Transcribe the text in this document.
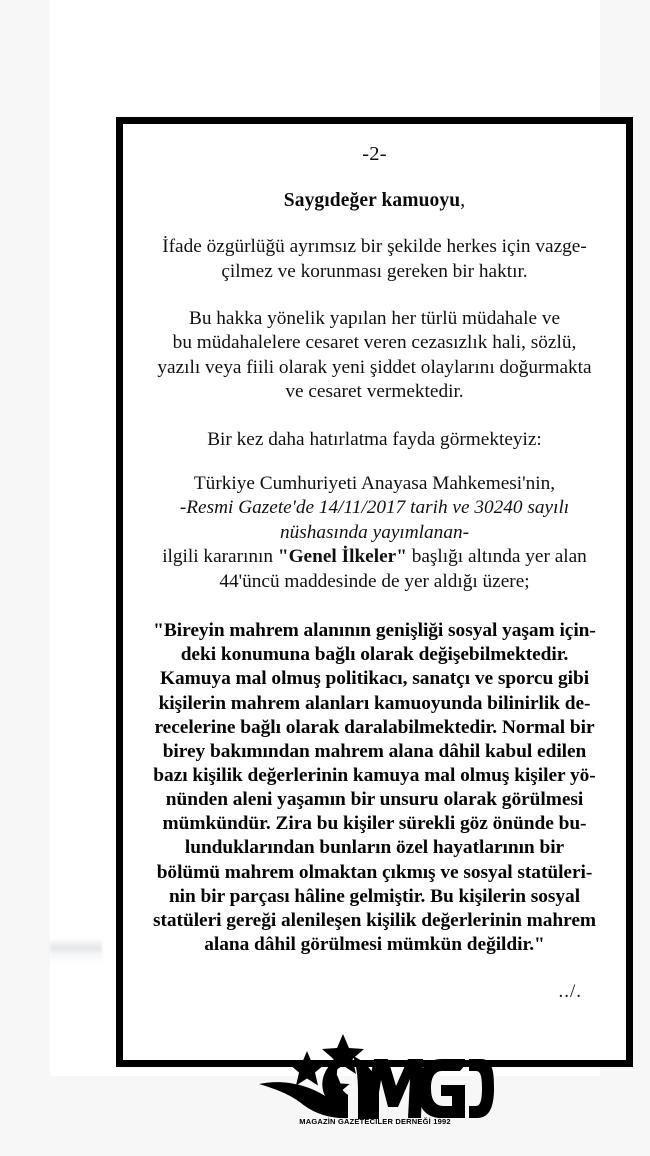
-2-
Saygıdeğer kamuoyu,
İfade özgürlüğü ayrımsız bir şekilde herkes için vazge-
çilmez ve korunması gereken bir haktır.
Bu hakka yönelik yapılan her türlü müdahale ve
bu müdahalelere cesaret veren cezasızlık hali, sözlü,
yazılı veya fiili olarak yeni şiddet olaylarını doğurmakta
ve cesaret vermektedir.
Bir kez daha hatırlatma fayda görmekteyiz:
Türkiye Cumhuriyeti Anayasa Mahkemesi'nin,
-Resmi Gazete'de 14/11/2017 tarih ve 30240 sayılı
nüshasında yayımlanan-
ilgili kararının "Genel İlkeler" başlığı altında yer alan
44'üncü maddesinde de yer aldığı üzere;
"Bireyin mahrem alanının genişliği sosyal yaşam için-
deki konumuna bağlı olarak değişebilmektedir.
Kamuya mal olmuş politikacı, sanatçı ve sporcu gibi
kişilerin mahrem alanları kamuoyunda bilinirlik de-
recelerine bağlı olarak daralabilmektedir. Normal bir
birey bakımından mahrem alana dâhil kabul edilen
bazı kişilik değerlerinin kamuya mal olmuş kişiler yö-
nünden aleni yaşamın bir unsuru olarak görülmesi
mümkündür. Zira bu kişiler sürekli göz önünde bu-
lunduklarından bunların özel hayatlarının bir
bölümü mahrem olmaktan çıkmış ve sosyal statüleri-
nin bir parçası hâline gelmiştir. Bu kişilerin sosyal
statüleri gereği alenileşen kişilik değerlerinin mahrem
alana dâhil görülmesi mümkün değildir."
../.
MAGAZİN GAZETECİLER DERNEĞİ 1992
